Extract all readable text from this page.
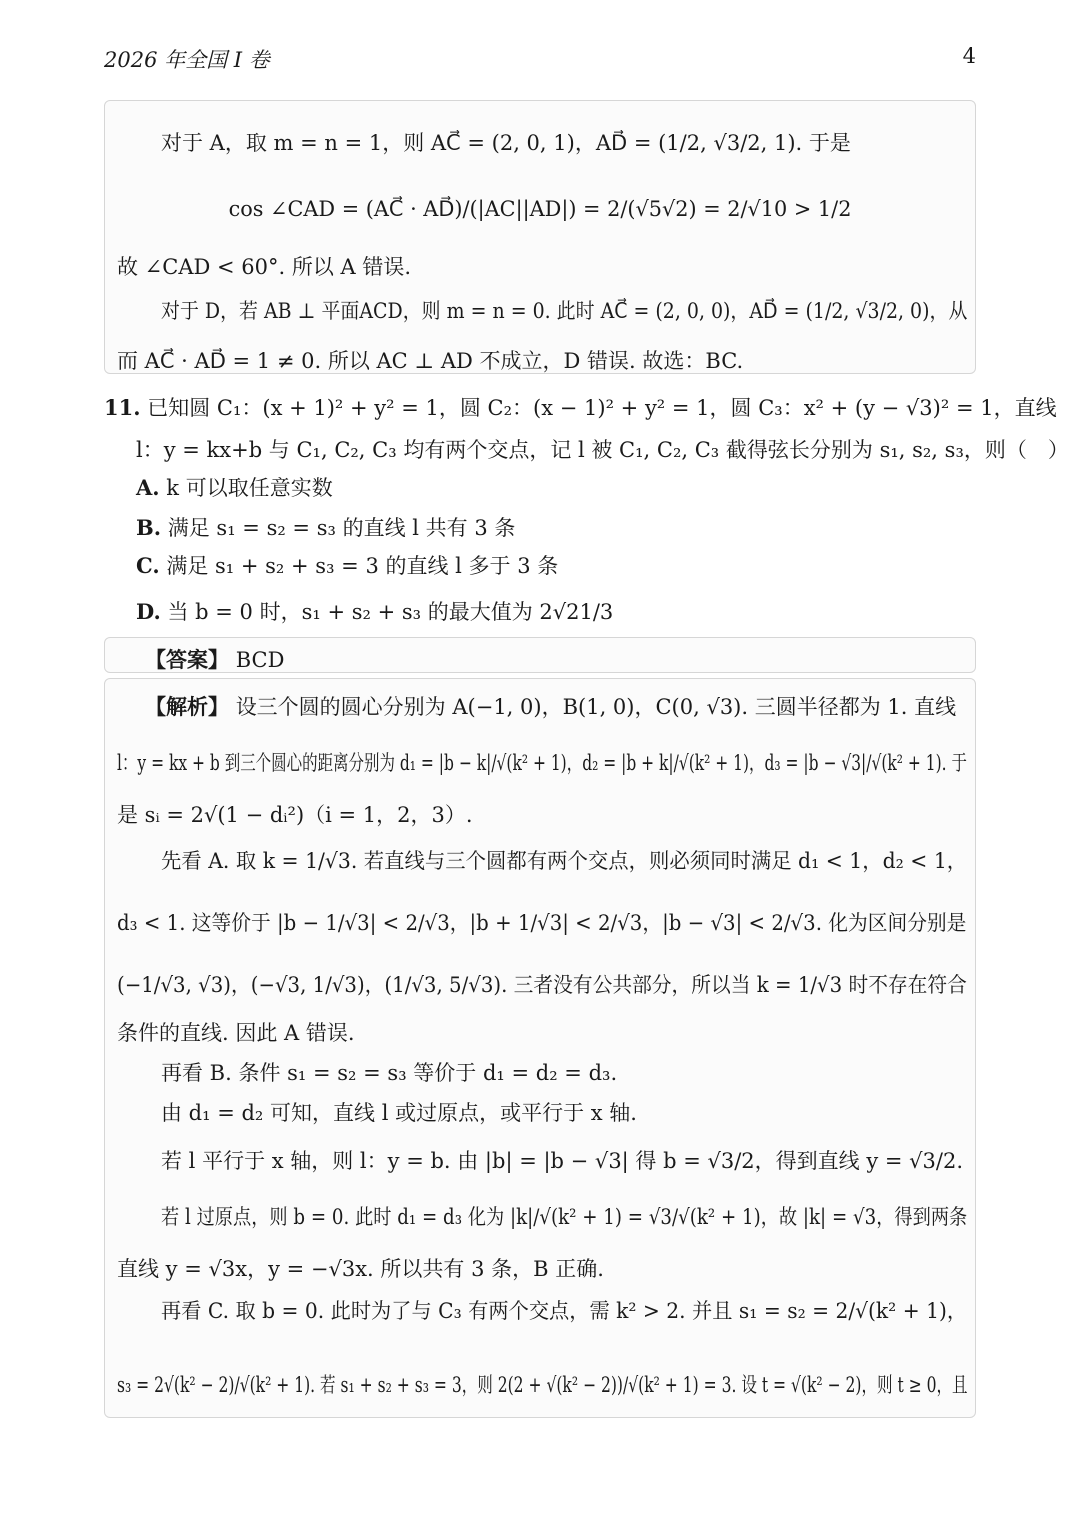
2026 年全国 I 卷	4
对于 A，取 m = n = 1，则 AC⃗ = (2, 0, 1)，AD⃗ = (1/2, √3/2, 1). 于是
cos ∠CAD = (AC⃗ · AD⃗)/(|AC||AD|) = 2/(√5√2) = 2/√10 > 1/2
故 ∠CAD < 60°. 所以 A 错误.
对于 D，若 AB ⊥ 平面ACD，则 m = n = 0. 此时 AC⃗ = (2, 0, 0)，AD⃗ = (1/2, √3/2, 0)，从
而 AC⃗ · AD⃗ = 1 ≠ 0. 所以 AC ⊥ AD 不成立，D 错误. 故选：BC.
11. 已知圆 C₁：(x + 1)² + y² = 1，圆 C₂：(x − 1)² + y² = 1，圆 C₃：x² + (y − √3)² = 1，直线
l：y = kx+b 与 C₁, C₂, C₃ 均有两个交点，记 l 被 C₁, C₂, C₃ 截得弦长分别为 s₁, s₂, s₃，则（　）
A. k 可以取任意实数
B. 满足 s₁ = s₂ = s₃ 的直线 l 共有 3 条
C. 满足 s₁ + s₂ + s₃ = 3 的直线 l 多于 3 条
D. 当 b = 0 时，s₁ + s₂ + s₃ 的最大值为 2√21/3
【答案】 BCD
【解析】 设三个圆的圆心分别为 A(−1, 0)，B(1, 0)，C(0, √3). 三圆半径都为 1. 直线
l：y = kx + b 到三个圆心的距离分别为 d₁ = |b − k|/√(k² + 1)，d₂ = |b + k|/√(k² + 1)，d₃ = |b − √3|/√(k² + 1). 于
是 sᵢ = 2√(1 − dᵢ²)（i = 1，2，3）.
先看 A. 取 k = 1/√3. 若直线与三个圆都有两个交点，则必须同时满足 d₁ < 1，d₂ < 1，
d₃ < 1. 这等价于 |b − 1/√3| < 2/√3，|b + 1/√3| < 2/√3，|b − √3| < 2/√3. 化为区间分别是
(−1/√3, √3)，(−√3, 1/√3)，(1/√3, 5/√3). 三者没有公共部分，所以当 k = 1/√3 时不存在符合
条件的直线. 因此 A 错误.
再看 B. 条件 s₁ = s₂ = s₃ 等价于 d₁ = d₂ = d₃.
由 d₁ = d₂ 可知，直线 l 或过原点，或平行于 x 轴.
若 l 平行于 x 轴，则 l：y = b. 由 |b| = |b − √3| 得 b = √3/2，得到直线 y = √3/2.
若 l 过原点，则 b = 0. 此时 d₁ = d₃ 化为 |k|/√(k² + 1) = √3/√(k² + 1)，故 |k| = √3，得到两条
直线 y = √3x，y = −√3x. 所以共有 3 条，B 正确.
再看 C. 取 b = 0. 此时为了与 C₃ 有两个交点，需 k² > 2. 并且 s₁ = s₂ = 2/√(k² + 1)，
s₃ = 2√(k² − 2)/√(k² + 1). 若 s₁ + s₂ + s₃ = 3，则 2(2 + √(k² − 2))/√(k² + 1) = 3. 设 t = √(k² − 2)，则 t ≥ 0，且
